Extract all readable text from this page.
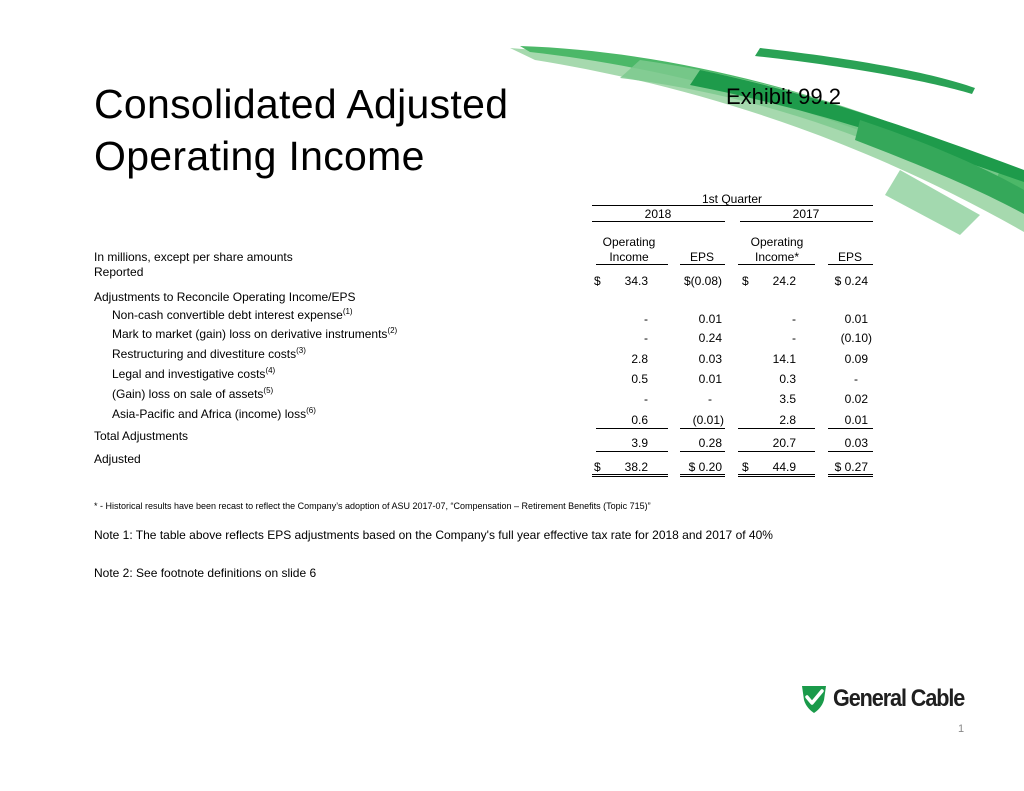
Consolidated Adjusted
Operating Income
Exhibit 99.2
1st Quarter
2018	2017
Operating
Income	EPS
Operating
Income*	EPS
In millions, except per share amounts
Reported
$	34.3	$(0.08) $	24.2	$ 0.24
Adjustments to Reconcile Operating Income/EPS
Non-cash convertible debt interest expense$^{(1)}$
-	0.01	-	0.01
Mark to market (gain) loss on derivative instruments$^{(2)}$
-	0.24	-	(0.10)
Restructuring and divestiture costs$^{(3)}$
2.8	0.03	14.1	0.09
Legal and investigative costs$^{(4)}$
0.5	0.01	0.3	-
(Gain) loss on sale of assets$^{(5)}$
-	-	3.5	0.02
Asia-Pacific and Africa (income) loss$^{(6)}$
0.6	(0.01)	2.8	0.01
Total Adjustments	3.9	0.28	20.7	0.03
Adjusted
$	38.2	$ 0.20 $	44.9	$ 0.27
* - Historical results have been recast to reflect the Company’s adoption of ASU 2017-07, “Compensation – Retirement Benefits (Topic 715)”
Note 1: The table above reflects EPS adjustments based on the Company's full year effective tax rate for 2018 and 2017 of 40%
Note 2: See footnote definitions on slide 6
General Cable
1
